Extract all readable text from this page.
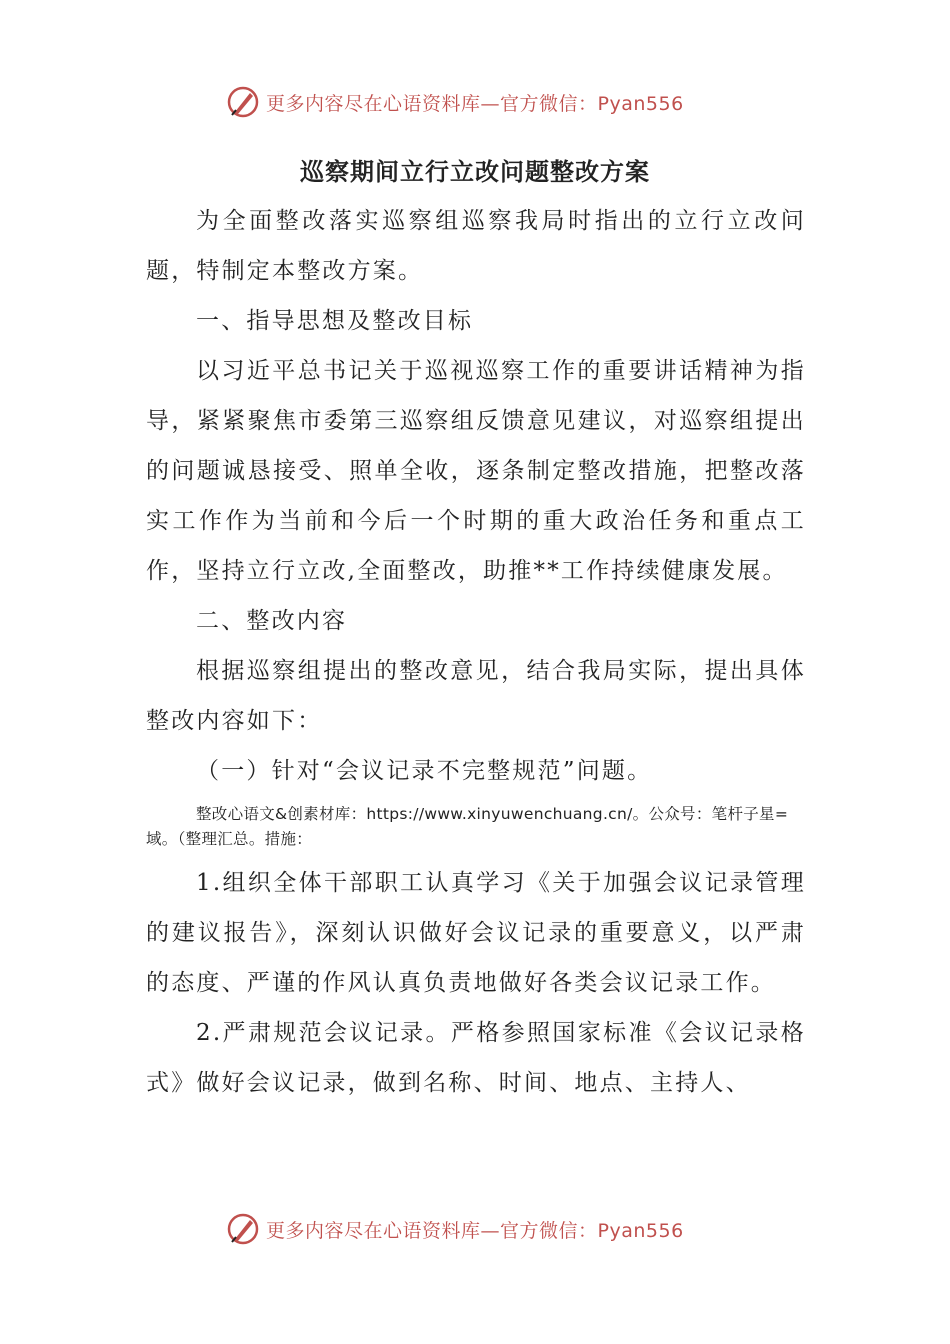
更多内容尽在心语资料库—官方微信：Pyan556
巡察期间立行立改问题整改方案

为全面整改落实巡察组巡察我局时指出的立行立改问题，特制定本整改方案。

一、指导思想及整改目标

以习近平总书记关于巡视巡察工作的重要讲话精神为指导，紧紧聚焦市委第三巡察组反馈意见建议，对巡察组提出的问题诚恳接受、照单全收，逐条制定整改措施，把整改落实工作作为当前和今后一个时期的重大政治任务和重点工作，坚持立行立改,全面整改，助推**工作持续健康发展。

二、整改内容

根据巡察组提出的整改意见，结合我局实际，提出具体整改内容如下：

（一）针对“会议记录不完整规范”问题。

整改心语文&创素材库：https://www.xinyuwenchuang.cn/。公众号：笔杆子星=域。（整理汇总。措施：

1.组织全体干部职工认真学习《关于加强会议记录管理的建议报告》，深刻认识做好会议记录的重要意义，以严肃的态度、严谨的作风认真负责地做好各类会议记录工作。

2.严肃规范会议记录。严格参照国家标准《会议记录格式》做好会议记录，做到名称、时间、地点、主持人、

更多内容尽在心语资料库—官方微信：Pyan556
